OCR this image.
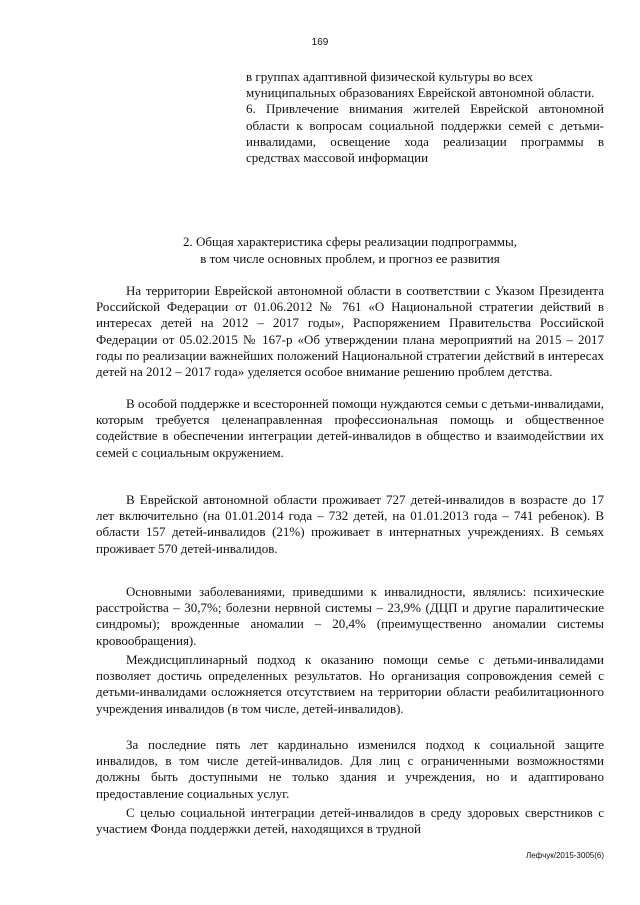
169

в группах адаптивной физической культуры во всех муниципальных образованиях Еврейской автономной области.

6. Привлечение внимания жителей Еврейской автономной области к вопросам социальной поддержки семей с детьми-инвалидами, освещение хода реализации программы в средствах массовой информации

2. Общая характеристика сферы реализации подпрограммы,
в том числе основных проблем, и прогноз ее развития

На территории Еврейской автономной области в соответствии с Указом Президента Российской Федерации от 01.06.2012 № 761 «О Национальной стратегии действий в интересах детей на 2012 – 2017 годы», Распоряжением Правительства Российской Федерации от 05.02.2015 № 167-р «Об утверждении плана мероприятий на 2015 – 2017 годы по реализации важнейших положений Национальной стратегии действий в интересах детей на 2012 – 2017 года» уделяется особое внимание решению проблем детства.

В особой поддержке и всесторонней помощи нуждаются семьи с детьми-инвалидами, которым требуется целенаправленная профессиональная помощь и общественное содействие в обеспечении интеграции детей-инвалидов в общество и взаимодействии их семей с социальным окружением.

В Еврейской автономной области проживает 727 детей-инвалидов в возрасте до 17 лет включительно (на 01.01.2014 года – 732 детей, на 01.01.2013 года – 741 ребенок). В области 157 детей-инвалидов (21%) проживает в интернатных учреждениях. В семьях проживает 570 детей-инвалидов.

Основными заболеваниями, приведшими к инвалидности, являлись: психические расстройства – 30,7%; болезни нервной системы – 23,9% (ДЦП и другие паралитические синдромы); врожденные аномалии – 20,4% (преимущественно аномалии системы кровообращения).

Междисциплинарный подход к оказанию помощи семье с детьми-инвалидами позволяет достичь определенных результатов. Но организация сопровождения семей с детьми-инвалидами осложняется отсутствием на территории области реабилитационного учреждения инвалидов (в том числе, детей-инвалидов).

За последние пять лет кардинально изменился подход к социальной защите инвалидов, в том числе детей-инвалидов. Для лиц с ограниченными возможностями должны быть доступными не только здания и учреждения, но и адаптировано предоставление социальных услуг.

С целью социальной интеграции детей-инвалидов в среду здоровых сверстников с участием Фонда поддержки детей, находящихся в трудной

Лефчук/2015-3005(6)
